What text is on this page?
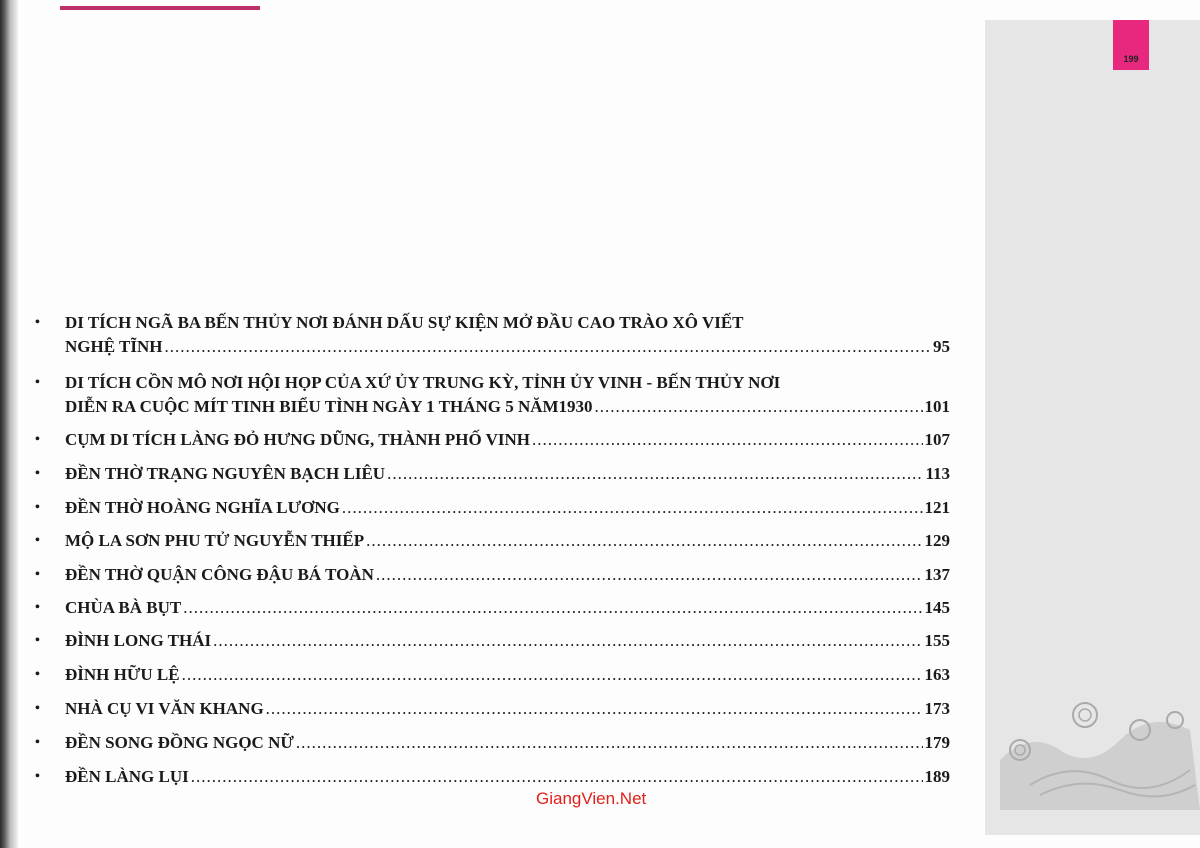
199
•	DI TÍCH NGÃ BA BẾN THỦY NƠI ĐÁNH DẤU SỰ KIỆN MỞ ĐẦU CAO TRÀO XÔ VIẾT
NGHỆ TĨNH .....	95
•	DI TÍCH CỒN MÔ NƠI HỘI HỌP CỦA XỨ ỦY TRUNG KỲ, TỈNH ỦY VINH - BẾN THỦY NƠI
DIỄN RA CUỘC MÍT TINH BIỂU TÌNH NGÀY 1 THÁNG 5 NĂM1930 .....	101
•	CỤM DI TÍCH LÀNG ĐỎ HƯNG DŨNG, THÀNH PHỐ VINH .....	107
•	ĐỀN THỜ TRẠNG NGUYÊN BẠCH LIÊU .....	113
•	ĐỀN THỜ HOÀNG NGHĨA LƯƠNG .....	121
•	MỘ LA SƠN PHU TỬ NGUYỄN THIẾP .....	129
•	ĐỀN THỜ QUẬN CÔNG ĐẬU BÁ TOÀN .....	137
•	CHÙA BÀ BỤT .....	145
•	ĐÌNH LONG THÁI .....	155
•	ĐÌNH HỮU LỆ .....	163
•	NHÀ CỤ VI VĂN KHANG .....	173
•	ĐỀN SONG ĐỒNG NGỌC NỮ .....	179
•	ĐỀN LÀNG LỤI .....	189
GiangVien.Net
